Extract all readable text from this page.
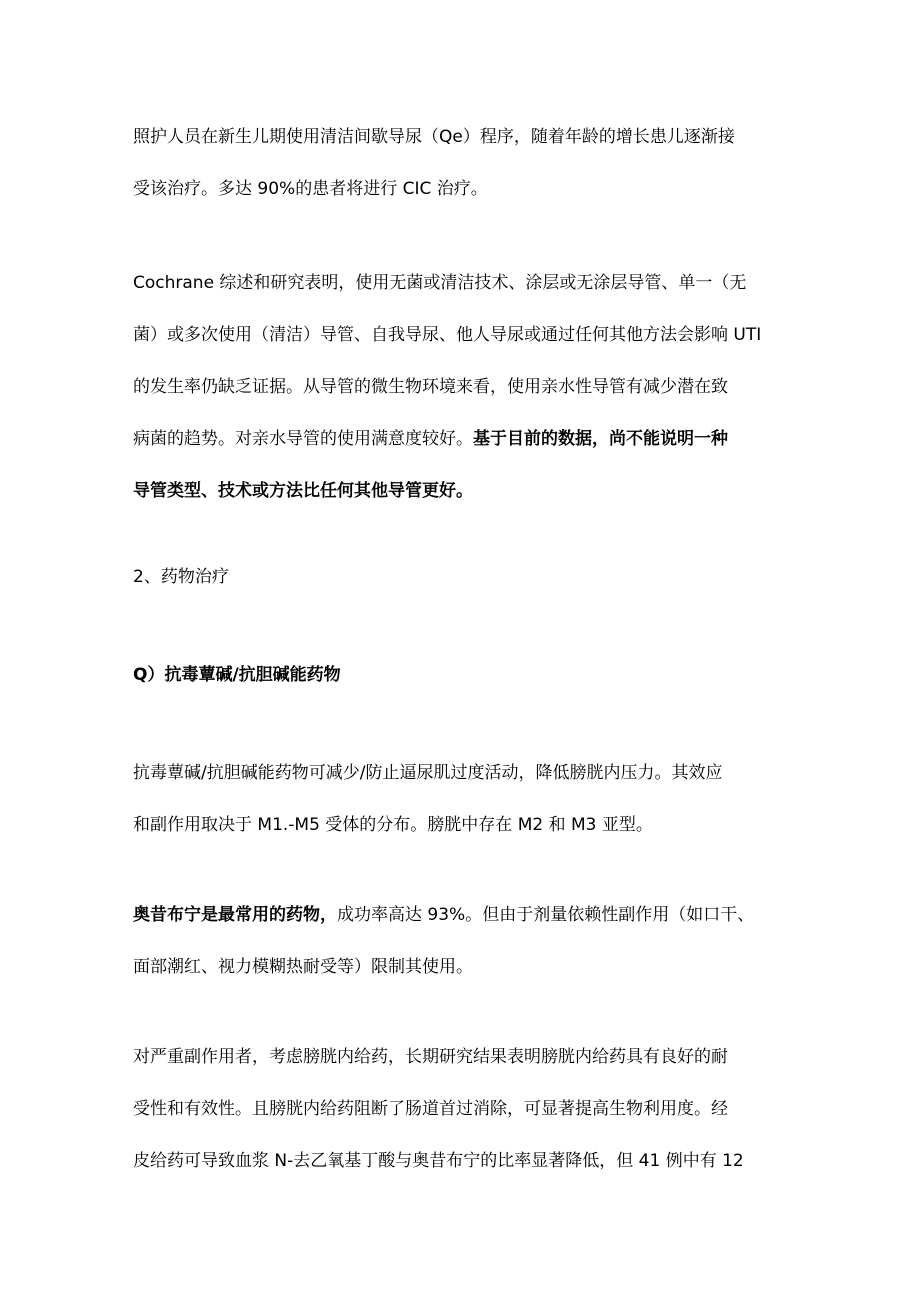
照护人员在新生儿期使用清洁间歇导尿（Qe）程序，随着年龄的增长患儿逐渐接
受该治疗。多达 90%的患者将进行 CIC 治疗。
Cochrane 综述和研究表明，使用无菌或清洁技术、涂层或无涂层导管、单一（无
菌）或多次使用（清洁）导管、自我导尿、他人导尿或通过任何其他方法会影响 UTI
的发生率仍缺乏证据。从导管的微生物环境来看，使用亲水性导管有减少潜在致
病菌的趋势。对亲水导管的使用满意度较好。基于目前的数据，尚不能说明一种
导管类型、技术或方法比任何其他导管更好。
2、药物治疗
Q）抗毒蕈碱/抗胆碱能药物
抗毒蕈碱/抗胆碱能药物可减少/防止逼尿肌过度活动，降低膀胱内压力。其效应
和副作用取决于 M1.-M5 受体的分布。膀胱中存在 M2 和 M3 亚型。
奥昔布宁是最常用的药物，成功率高达 93%。但由于剂量依赖性副作用（如口干、
面部潮红、视力模糊热耐受等）限制其使用。
对严重副作用者，考虑膀胱内给药，长期研究结果表明膀胱内给药具有良好的耐
受性和有效性。且膀胱内给药阻断了肠道首过消除，可显著提高生物利用度。经
皮给药可导致血浆 N-去乙氧基丁酸与奥昔布宁的比率显著降低，但 41 例中有 12
